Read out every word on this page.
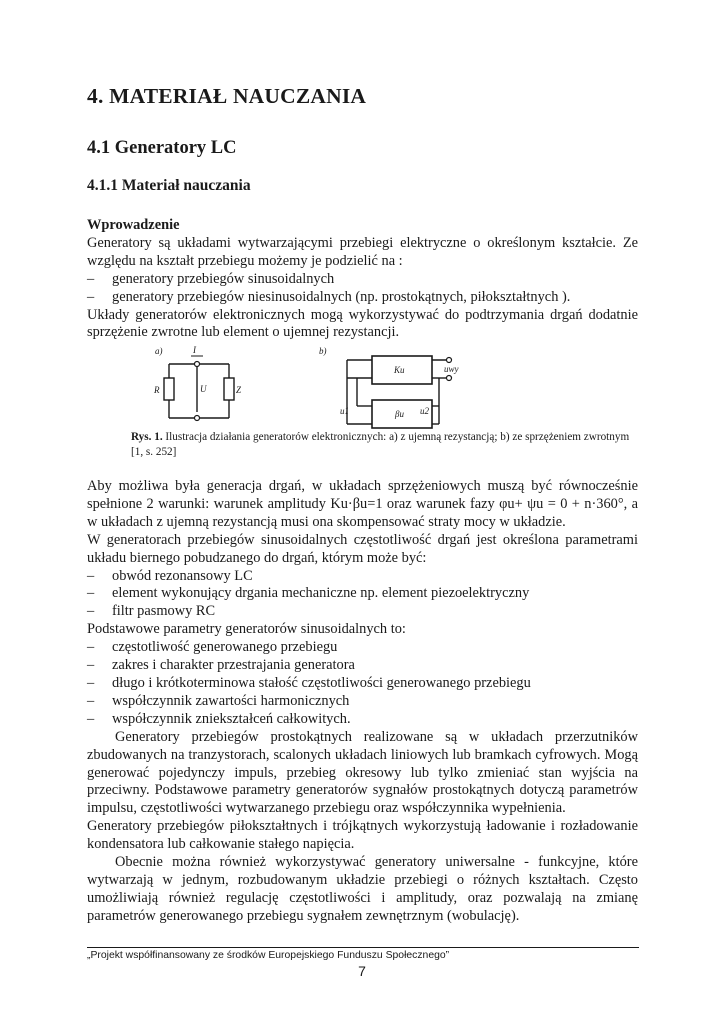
4. MATERIAŁ NAUCZANIA
4.1 Generatory LC
4.1.1 Materiał nauczania

Wprowadzenie

Generatory są układami wytwarzającymi przebiegi elektryczne o określonym kształcie. Ze względu na kształt przebiegu możemy je podzielić na :

– generatory przebiegów sinusoidalnych
– generatory przebiegów niesinusoidalnych (np. prostokątnych, piłokształtnych ).

Układy generatorów elektronicznych mogą wykorzystywać do podtrzymania drgań dodatnie sprzężenie zwrotne lub element o ujemnej rezystancji.

Aby możliwa była generacja drgań, w układach sprzężeniowych muszą być równocześnie spełnione 2 warunki: warunek amplitudy Ku·βu=1 oraz warunek fazy φu+ ψu = 0 + n·360°, a w układach z ujemną rezystancją musi ona skompensować straty mocy w układzie.

W generatorach przebiegów sinusoidalnych częstotliwość drgań jest określona parametrami układu biernego pobudzanego do drgań, którym może być:

– obwód rezonansowy LC
– element wykonujący drgania mechaniczne np. element piezoelektryczny
– filtr pasmowy RC

Podstawowe parametry generatorów sinusoidalnych to:

– częstotliwość generowanego przebiegu
– zakres i charakter przestrajania generatora
– długo i krótkoterminowa stałość częstotliwości generowanego przebiegu
– współczynnik zawartości harmonicznych
– współczynnik zniekształceń całkowitych.

Generatory przebiegów prostokątnych realizowane są w układach przerzutników zbudowanych na tranzystorach, scalonych układach liniowych lub bramkach cyfrowych. Mogą generować pojedynczy impuls, przebieg okresowy lub tylko zmieniać stan wyjścia na przeciwny. Podstawowe parametry generatorów sygnałów prostokątnych dotyczą parametrów impulsu, częstotliwości wytwarzanego przebiegu oraz współczynnika wypełnienia.

Generatory przebiegów piłokształtnych i trójkątnych wykorzystują ładowanie i rozładowanie kondensatora lub całkowanie stałego napięcia.

Obecnie można również wykorzystywać generatory uniwersalne - funkcyjne, które wytwarzają w jednym, rozbudowanym układzie przebiegi o różnych kształtach. Często umożliwiają również regulację częstotliwości i amplitudy, oraz pozwalają na zmianę parametrów generowanego przebiegu sygnałem zewnętrznym (wobulację).

a)	I
R	U	Z
b)
Ku
βu
u1	u2
uwy
Rys. 1. Ilustracja działania generatorów elektronicznych: a) z ujemną rezystancją; b) ze sprzężeniem zwrotnym [1, s. 252]
„Projekt współfinansowany ze środków Europejskiego Funduszu Społecznego”
7
